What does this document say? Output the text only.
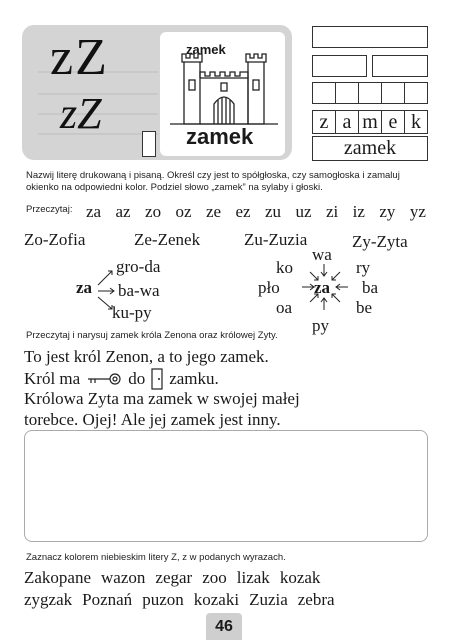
zZ
zZ
zamek
zamek
z a m e k
zamek
Nazwij literę drukowaną i pisaną. Określ czy jest to spółgłoska, czy samogłoska i zamaluj okienko na odpowiedni kolor. Podziel słowo „zamek” na sylaby i głoski.
Przeczytaj: za az zo oz ze ez zu uz zi iz zy yz
Zo-Zofia	Ze-Zenek	Zu-Zuzia	Zy-Zyta
za
gro-da
ba-wa
ku-py
za
wa
ko	ry
pło	ba
oa	be
py
Przeczytaj i narysuj zamek króla Zenona oraz królowej Zyty.
To jest król Zenon, a to jego zamek.
Król ma	do zamku.
Królowa Zyta ma zamek w swojej małej
torebce. Ojej! Ale jej zamek jest inny.
Zaznacz kolorem niebieskim litery Z, z w podanych wyrazach.
Zakopane wazon zegar zoo lizak kozak
zygzak Poznań puzon kozaki Zuzia zebra
46
